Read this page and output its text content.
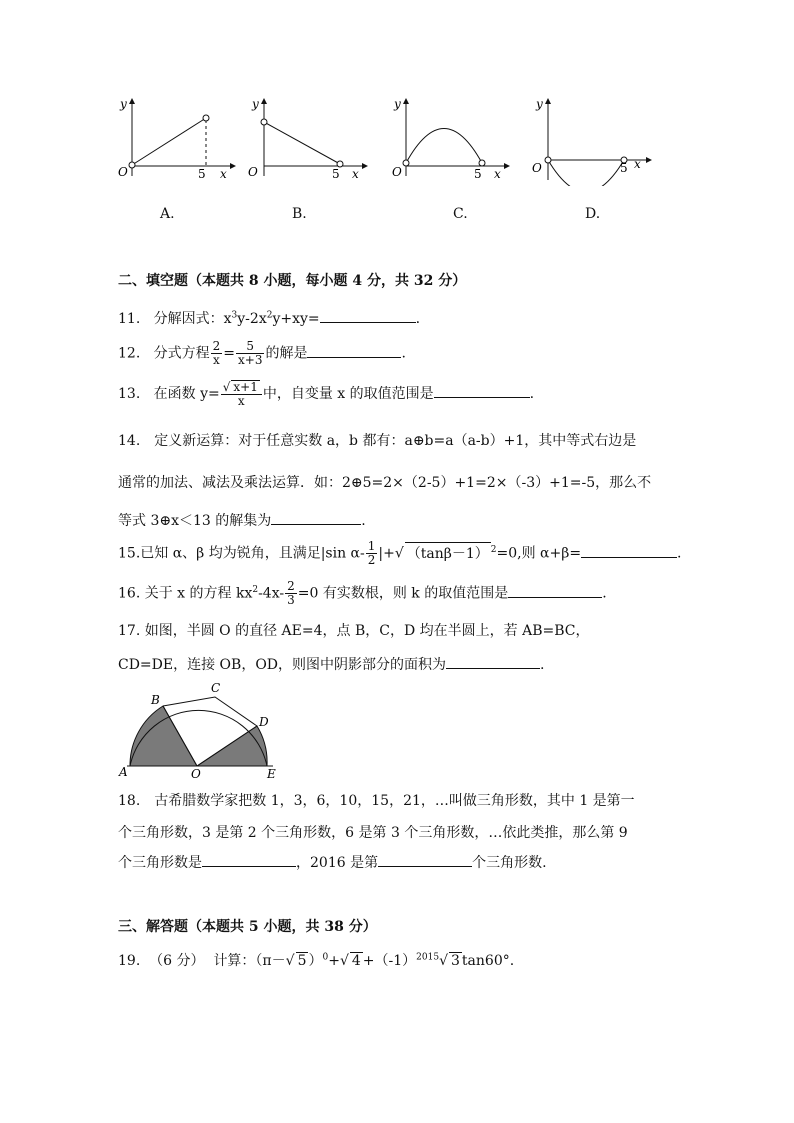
y
O	5 x
y
O	5 x
y
O	5 x
y
O	5 x
A.	B.	C.	D.
二、填空题（本题共 8 小题，每小题 4 分，共 32 分）
11. 分解因式：$x^3y-2x^2y+xy=$	.
12. 分式方程 $\frac{2}{x} = \frac{5}{x+3}$ 的解是	.
13. 在函数 $y= \frac{√ x+1}{x}$ 中，自变量 x 的取值范围是	.
14.　定义新运算：对于任意实数 a，b 都有：a⊕b=a（a-b）+1，其中等式右边是
通常的加法、减法及乘法运算．如：2⊕5=2×（2-5）+1=2×（-3）+1=-5，那么不
等式 3⊕x＜13 的解集为	.
15.已知 α、β 均为锐角，且满足|sin $\alpha- \frac{1}{2}$ |+√ （tanβ－1） $^2$=0,则 α+β=	.
16. 关于 x 的方程 $kx^2-4x- \frac{2}{3} =0$ 有实数根，则 k 的取值范围是	.
17. 如图，半圆 O 的直径 AE=4，点 B，C，D 均在半圆上，若 AB=BC，
CD=DE，连接 OB，OD，则图中阴影部分的面积为	.
A
B
C
D
E
O
18.　古希腊数学家把数 1，3，6，10，15，21，…叫做三角形数，其中 1 是第一
个三角形数，3 是第 2 个三角形数，6 是第 3 个三角形数，…依此类推，那么第 9
个三角形数是	，2016 是第	个三角形数.
三、解答题（本题共 5 小题，共 38 分）
19. （6 分） 计算：（π－√ 5 ）$^0$+√ $4 +(-1)^{2015}√$ 3 tan60°.
